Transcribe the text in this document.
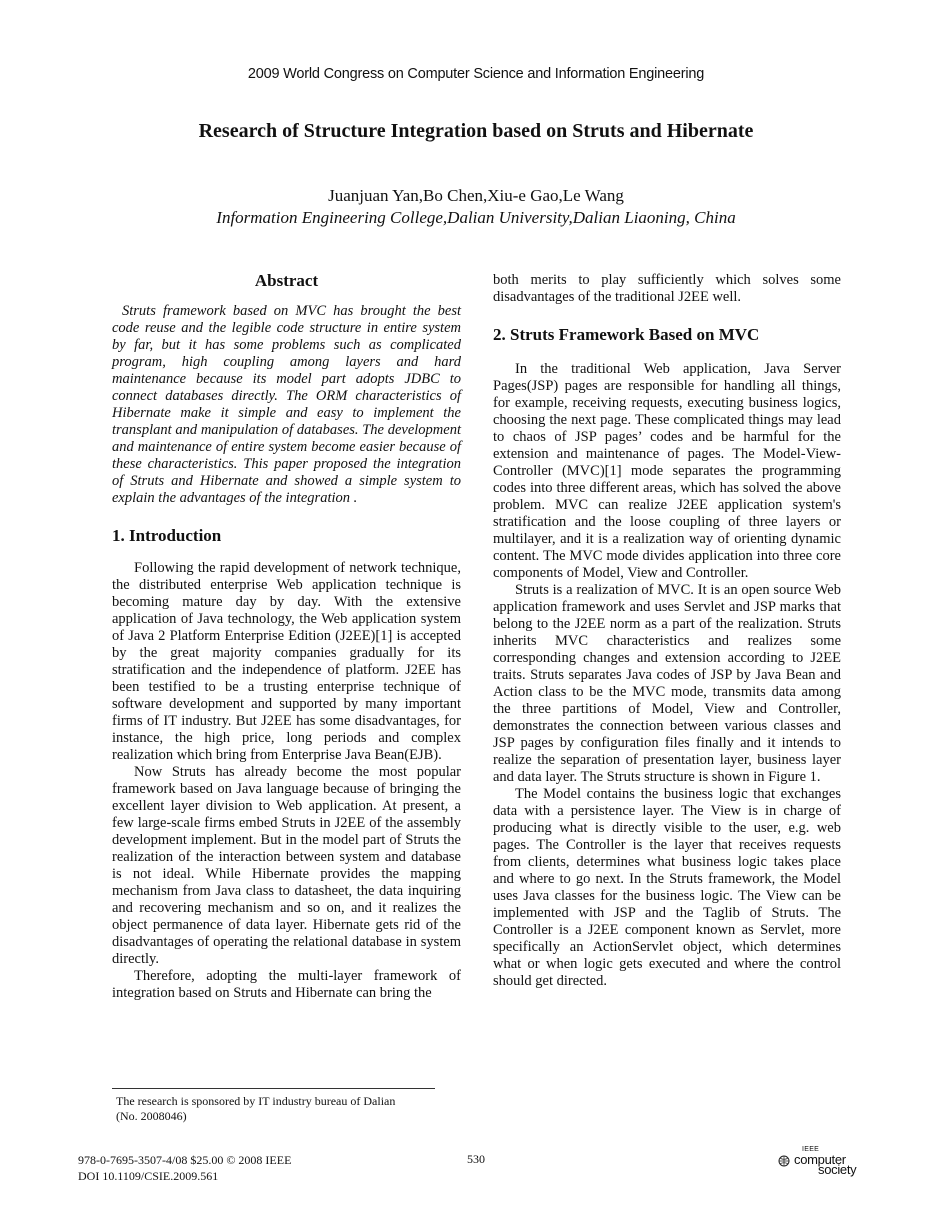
2009 World Congress on Computer Science and Information Engineering
Research of Structure Integration based on Struts and Hibernate
Juanjuan Yan,Bo Chen,Xiu-e Gao,Le Wang
Information Engineering College,Dalian University,Dalian Liaoning, China
Abstract

Struts framework based on MVC has brought the best code reuse and the legible code structure in entire system by far, but it has some problems such as complicated program, high coupling among layers and hard maintenance because its model part adopts JDBC to connect databases directly. The ORM characteristics of Hibernate make it simple and easy to implement the transplant and manipulation of databases. The development and maintenance of entire system become easier because of these characteristics. This paper proposed the integration of Struts and Hibernate and showed a simple system to explain the advantages of the integration .

1. Introduction

Following the rapid development of network technique, the distributed enterprise Web application technique is becoming mature day by day. With the extensive application of Java technology, the Web application system of Java 2 Platform Enterprise Edition (J2EE)[1] is accepted by the great majority companies gradually for its stratification and the independence of platform. J2EE has been testified to be a trusting enterprise technique of software development and supported by many important firms of IT industry. But J2EE has some disadvantages, for instance, the high price, long periods and complex realization which bring from Enterprise Java Bean(EJB).

Now Struts has already become the most popular framework based on Java language because of bringing the excellent layer division to Web application. At present, a few large-scale firms embed Struts in J2EE of the assembly development implement. But in the model part of Struts the realization of the interaction between system and database is not ideal. While Hibernate provides the mapping mechanism from Java class to datasheet, the data inquiring and recovering mechanism and so on, and it realizes the object permanence of data layer. Hibernate gets rid of the disadvantages of operating the relational database in system directly.

Therefore, adopting the multi-layer framework of integration based on Struts and Hibernate can bring the

both merits to play sufficiently which solves some disadvantages of the traditional J2EE well.

2. Struts Framework Based on MVC

In the traditional Web application, Java Server Pages(JSP) pages are responsible for handling all things, for example, receiving requests, executing business logics, choosing the next page. These complicated things may lead to chaos of JSP pages’ codes and be harmful for the extension and maintenance of pages. The Model-View-Controller (MVC)[1] mode separates the programming codes into three different areas, which has solved the above problem. MVC can realize J2EE application system's stratification and the loose coupling of three layers or multilayer, and it is a realization way of orienting dynamic content. The MVC mode divides application into three core components of Model, View and Controller.

Struts is a realization of MVC. It is an open source Web application framework and uses Servlet and JSP marks that belong to the J2EE norm as a part of the realization. Struts inherits MVC characteristics and realizes some corresponding changes and extension according to J2EE traits. Struts separates Java codes of JSP by Java Bean and Action class to be the MVC mode, transmits data among the three partitions of Model, View and Controller, demonstrates the connection between various classes and JSP pages by configuration files finally and it intends to realize the separation of presentation layer, business layer and data layer. The Struts structure is shown in Figure 1.

The Model contains the business logic that exchanges data with a persistence layer. The View is in charge of producing what is directly visible to the user, e.g. web pages. The Controller is the layer that receives requests from clients, determines what business logic takes place and where to go next. In the Struts framework, the Model uses Java classes for the business logic. The View can be implemented with JSP and the Taglib of Struts. The Controller is a J2EE component known as Servlet, more specifically an ActionServlet object, which determines what or when logic gets executed and where the control should get directed.

The research is sponsored by IT industry bureau of Dalian
(No. 2008046)
978-0-7695-3507-4/08 $25.00 © 2008 IEEE
DOI 10.1109/CSIE.2009.561
530
IEEE
computer
society
